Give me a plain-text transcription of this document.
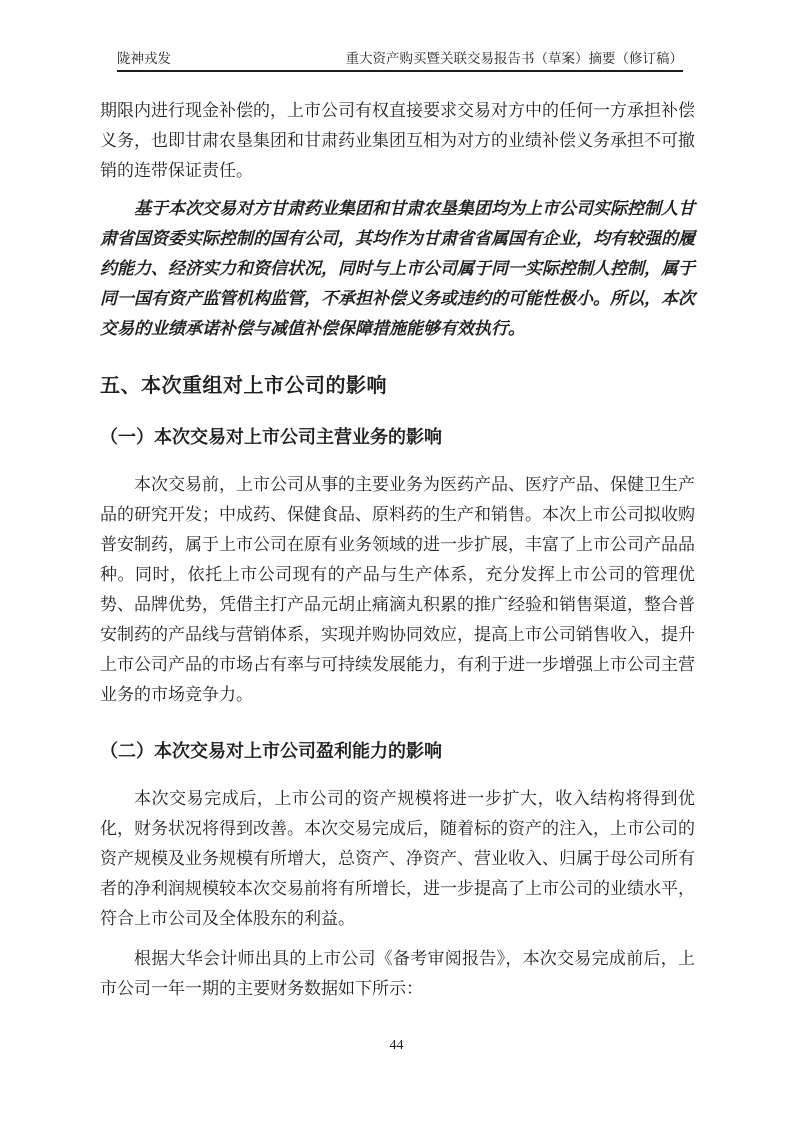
陇神戎发	重大资产购买暨关联交易报告书（草案）摘要（修订稿）

期限内进行现金补偿的，上市公司有权直接要求交易对方中的任何一方承担补偿义务，也即甘肃农垦集团和甘肃药业集团互相为对方的业绩补偿义务承担不可撤销的连带保证责任。

基于本次交易对方甘肃药业集团和甘肃农垦集团均为上市公司实际控制人甘肃省国资委实际控制的国有公司，其均作为甘肃省省属国有企业，均有较强的履约能力、经济实力和资信状况，同时与上市公司属于同一实际控制人控制，属于同一国有资产监管机构监管，不承担补偿义务或违约的可能性极小。所以，本次交易的业绩承诺补偿与减值补偿保障措施能够有效执行。

五、本次重组对上市公司的影响
（一）本次交易对上市公司主营业务的影响

本次交易前，上市公司从事的主要业务为医药产品、医疗产品、保健卫生产品的研究开发；中成药、保健食品、原料药的生产和销售。本次上市公司拟收购普安制药，属于上市公司在原有业务领域的进一步扩展，丰富了上市公司产品品种。同时，依托上市公司现有的产品与生产体系，充分发挥上市公司的管理优势、品牌优势，凭借主打产品元胡止痛滴丸积累的推广经验和销售渠道，整合普安制药的产品线与营销体系，实现并购协同效应，提高上市公司销售收入，提升上市公司产品的市场占有率与可持续发展能力，有利于进一步增强上市公司主营业务的市场竞争力。

（二）本次交易对上市公司盈利能力的影响

本次交易完成后，上市公司的资产规模将进一步扩大，收入结构将得到优化，财务状况将得到改善。本次交易完成后，随着标的资产的注入，上市公司的资产规模及业务规模有所增大，总资产、净资产、营业收入、归属于母公司所有者的净利润规模较本次交易前将有所增长，进一步提高了上市公司的业绩水平，符合上市公司及全体股东的利益。

根据大华会计师出具的上市公司《备考审阅报告》，本次交易完成前后，上市公司一年一期的主要财务数据如下所示：

44
